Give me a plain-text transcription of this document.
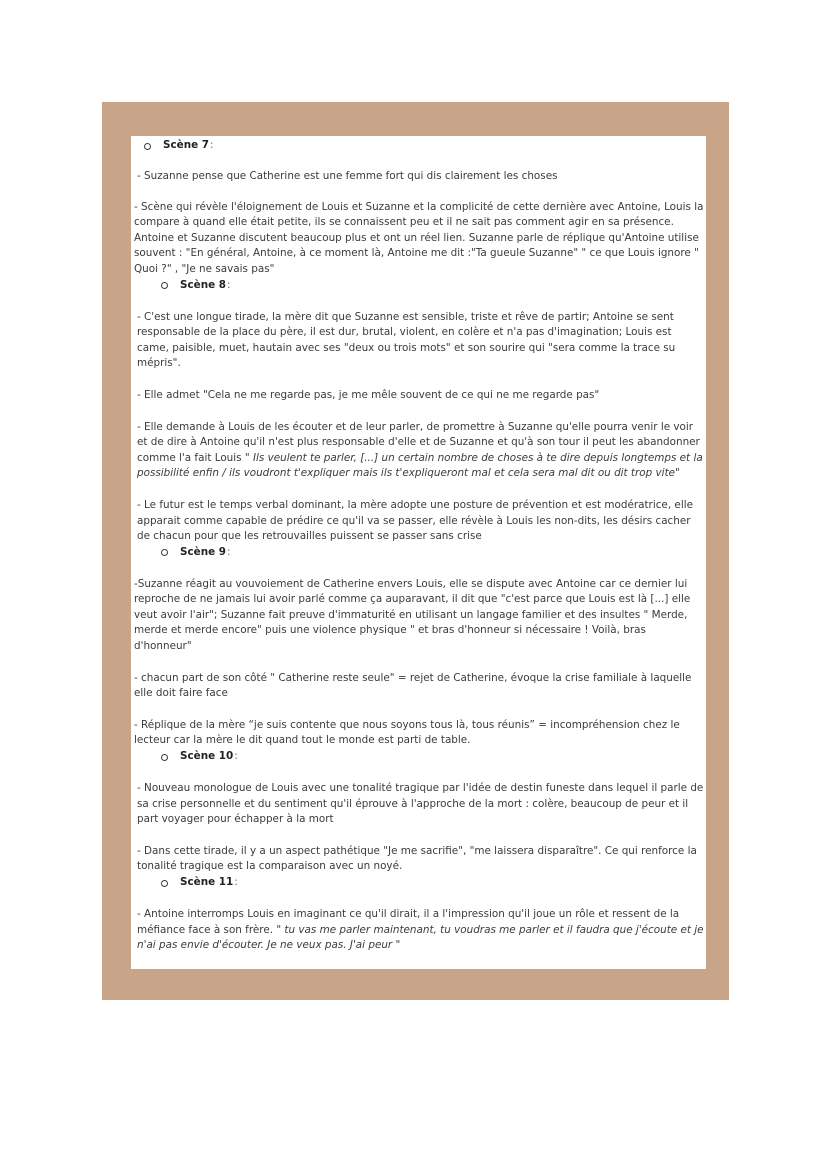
Scène 7 :

- Suzanne pense que Catherine est une femme fort qui dis clairement les choses

- Scène qui révèle l'éloignement de Louis et Suzanne et la complicité de cette dernière avec Antoine, Louis la compare à quand elle était petite, ils se connaissent peu et il ne sait pas comment agir en sa présence. Antoine et Suzanne discutent beaucoup plus et ont un réel lien. Suzanne parle de réplique qu'Antoine utilise souvent : "En général, Antoine, à ce moment là, Antoine me dit :"Ta gueule Suzanne" " ce que Louis ignore " Quoi ?" , "Je ne savais pas"

Scène 8 :

- C'est une longue tirade, la mère dit que Suzanne est sensible, triste et rêve de partir; Antoine se sent responsable de la place du père, il est dur, brutal, violent, en colère et n'a pas d'imagination; Louis est came, paisible, muet, hautain avec ses "deux ou trois mots" et son sourire qui "sera comme la trace su mépris".

- Elle admet "Cela ne me regarde pas, je me mêle souvent de ce qui ne me regarde pas"

- Elle demande à Louis de les écouter et de leur parler, de promettre à Suzanne qu'elle pourra venir le voir et de dire à Antoine qu'il n'est plus responsable d'elle et de Suzanne et qu'à son tour il peut les abandonner comme l'a fait Louis " Ils veulent te parler, [...] un certain nombre de choses à te dire depuis longtemps et la possibilité enfin / ils voudront t'expliquer mais ils t'expliqueront mal et cela sera mal dit ou dit trop vite"

- Le futur est le temps verbal dominant, la mère adopte une posture de prévention et est modératrice, elle apparait comme capable de prédire ce qu'il va se passer, elle révèle à Louis les non-dits, les désirs cacher de chacun pour que les retrouvailles puissent se passer sans crise

Scène 9 :

-Suzanne réagit au vouvoiement de Catherine envers Louis, elle se dispute avec Antoine car ce dernier lui reproche de ne jamais lui avoir parlé comme ça auparavant, il dit que "c'est parce que Louis est là [...] elle veut avoir l'air"; Suzanne fait preuve d'immaturité en utilisant un langage familier et des insultes " Merde, merde et merde encore" puis une violence physique " et bras d'honneur si nécessaire ! Voilà, bras d'honneur"

- chacun part de son côté " Catherine reste seule" = rejet de Catherine, évoque la crise familiale à laquelle elle doit faire face

- Réplique de la mère “je suis contente que nous soyons tous là, tous réunis” = incompréhension chez le lecteur car la mère le dit quand tout le monde est parti de table.

Scène 10 :

- Nouveau monologue de Louis avec une tonalité tragique par l'idée de destin funeste dans lequel il parle de sa crise personnelle et du sentiment qu'il éprouve à l'approche de la mort : colère, beaucoup de peur et il part voyager pour échapper à la mort

- Dans cette tirade, il y a un aspect pathétique "Je me sacrifie", "me laissera disparaître". Ce qui renforce la tonalité tragique est la comparaison avec un noyé.

Scène 11 :

- Antoine interromps Louis en imaginant ce qu'il dirait, il a l'impression qu'il joue un rôle et ressent de la méfiance face à son frère. " tu vas me parler maintenant, tu voudras me parler et il faudra que j'écoute et je n'ai pas envie d'écouter. Je ne veux pas. J'ai peur "
